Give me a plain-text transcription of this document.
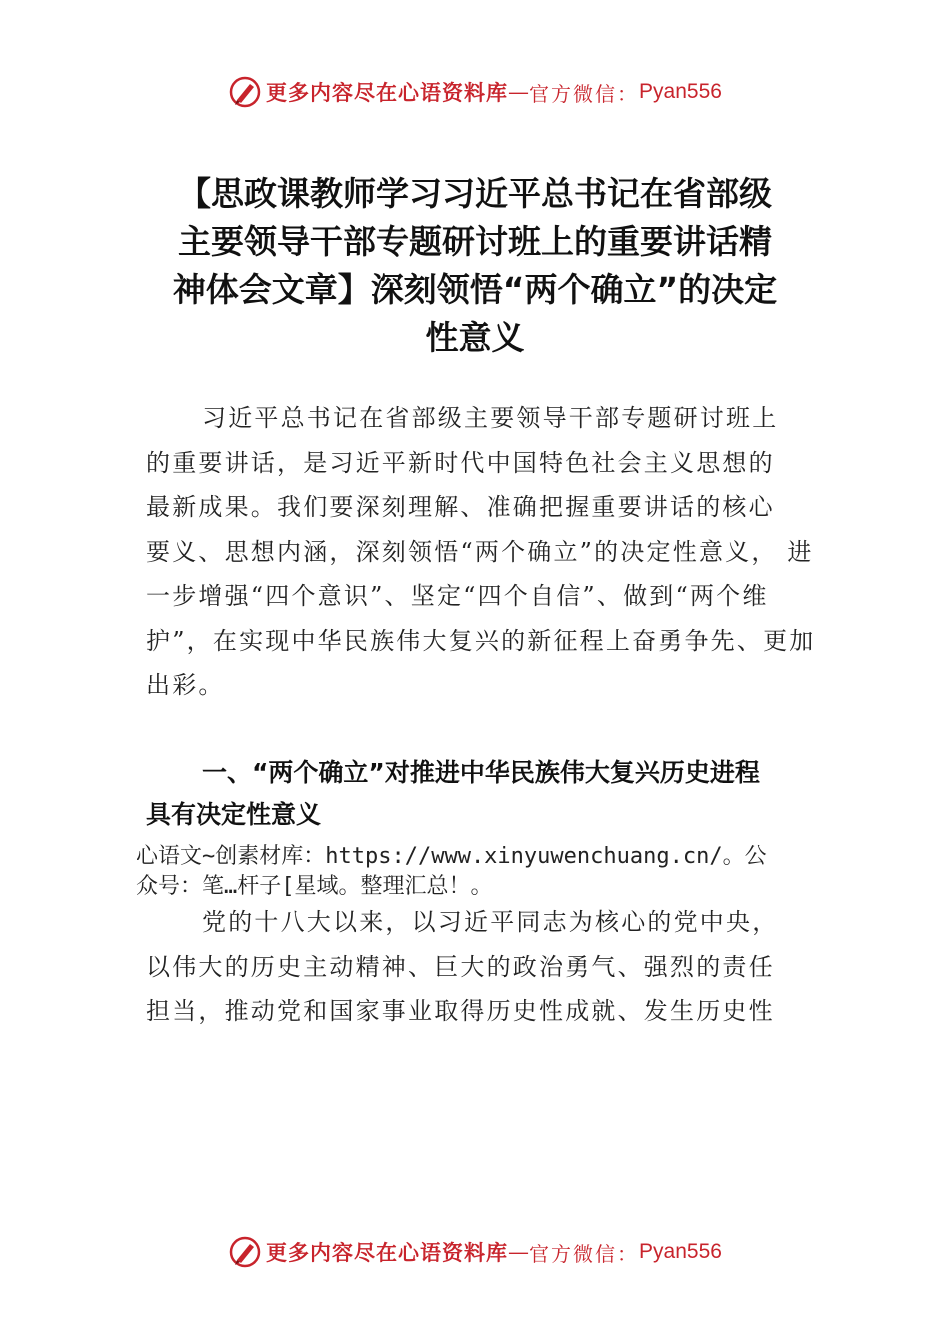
更多内容尽在心语资料库 — 官方微信： Pyan556
【思政课教师学习习近平总书记在省部级
主要领导干部专题研讨班上的重要讲话精
神体会文章】深刻领悟“两个确立”的决定
性意义
习近平总书记在省部级主要领导干部专题研讨班上
的重要讲话，是习近平新时代中国特色社会主义思想的
最新成果。我们要深刻理解、准确把握重要讲话的核心
要义、思想内涵，深刻领悟“两个确立”的决定性意义， 进
一步增强“四个意识”、坚定“四个自信”、做到“两个维
护”，在实现中华民族伟大复兴的新征程上奋勇争先、更加
出彩。
一、“两个确立”对推进中华民族伟大复兴历史进程
具有决定性意义
心语文~创素材库：https://www.xinyuwenchuang.cn/。公
众号：笔…杆子[星域。整理汇总！。
党的十八大以来，以习近平同志为核心的党中央，
以伟大的历史主动精神、巨大的政治勇气、强烈的责任
担当，推动党和国家事业取得历史性成就、发生历史性
更多内容尽在心语资料库 — 官方微信： Pyan556
